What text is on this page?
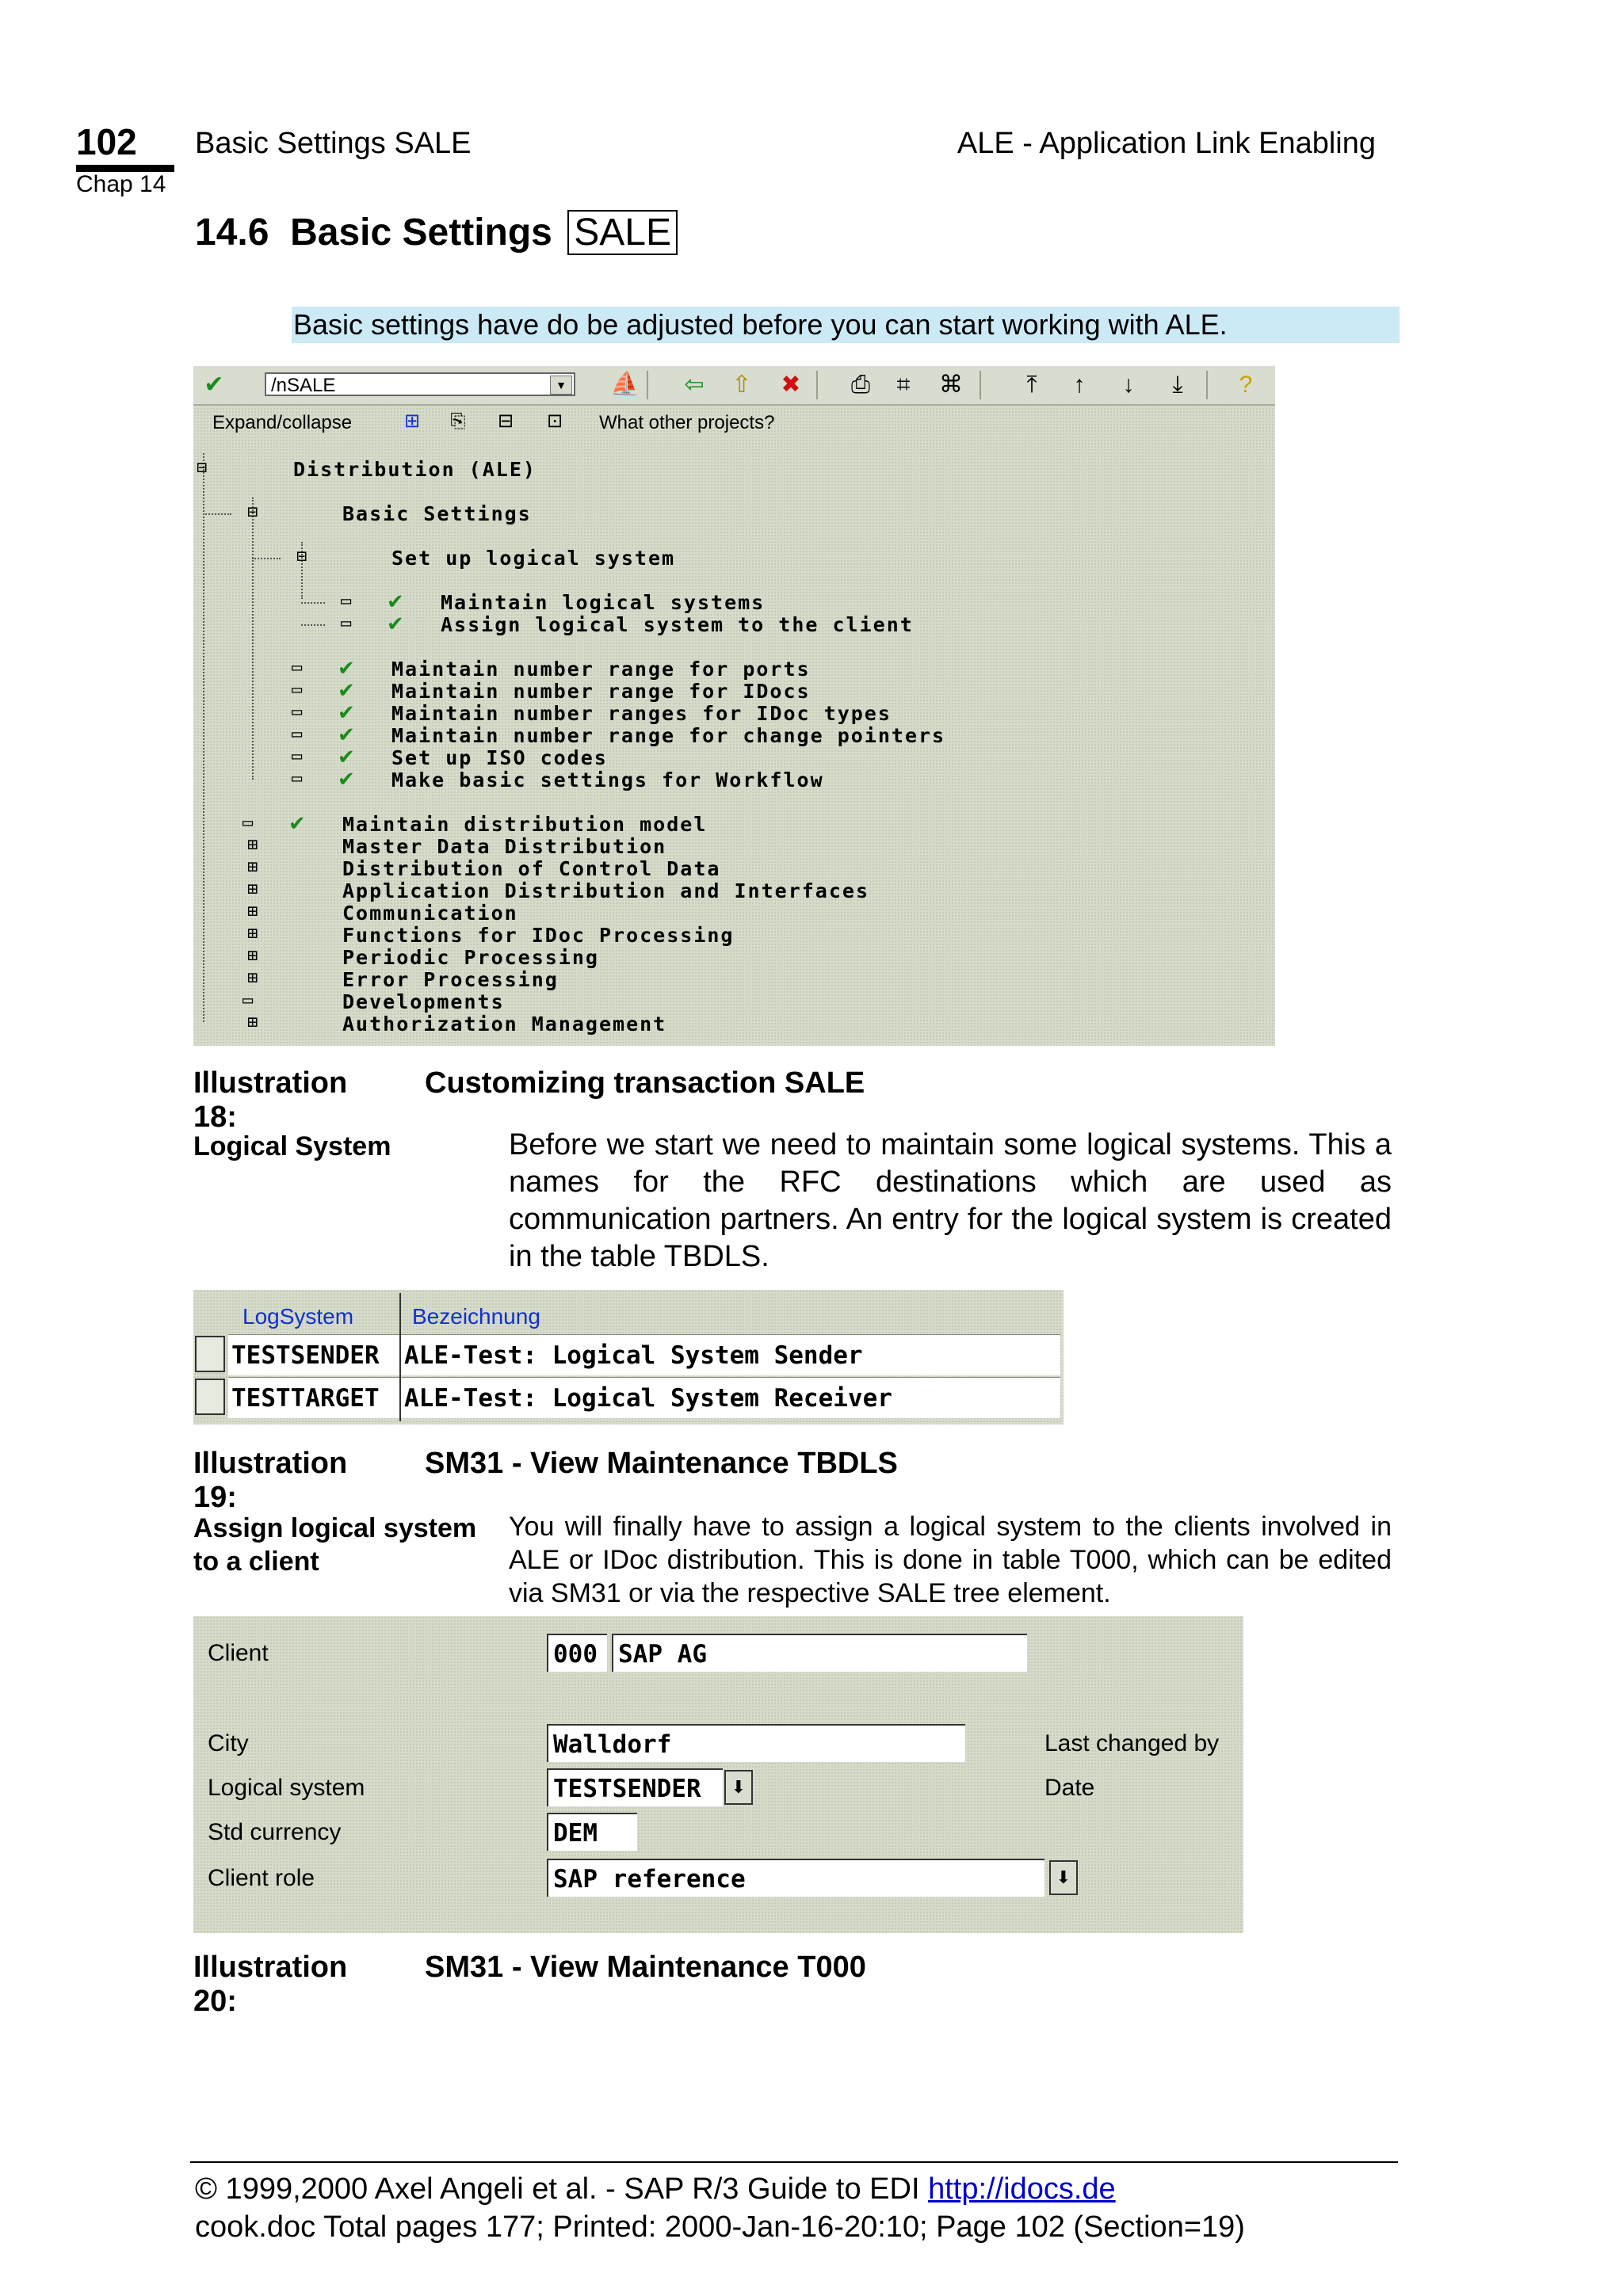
102
Chap 14
Basic Settings SALE	ALE - Application Link Enabling
14.6 Basic Settings SALE
Basic settings have do be adjusted before you can start working with ALE.
✔	/nSALE	▼ ⛵ ⇦ ⇧ ✖ ⎙ ⌗ ⌘	⤒	↑ ↓	⤓	?
Expand/collapse	⊞ ⎘ ⊟ ⊡ What other projects?
⊟	Distribution (ALE)
⊟	Basic Settings
⊟	Set up logical system
▭ ✔ Maintain logical systems
▭ ✔ Assign logical system to the client
▭ ✔ Maintain number range for ports
▭ ✔ Maintain number range for IDocs
▭ ✔ Maintain number ranges for IDoc types
▭ ✔ Maintain number range for change pointers
▭ ✔ Set up ISO codes
▭ ✔ Make basic settings for Workflow
▭ ✔ Maintain distribution model
⊞	Master Data Distribution
⊞	Distribution of Control Data
⊞	Application Distribution and Interfaces
⊞	Communication
⊞	Functions for IDoc Processing
⊞	Periodic Processing
⊞	Error Processing
▭	Developments
⊞	Authorization Management
Illustration 18:
Customizing transaction SALE
Logical System	Before we start we need to maintain some logical systems. This a names for the RFC destinations which are used as communication partners. An entry for the logical system is created in the table TBDLS.
LogSystem	Bezeichnung
TESTSENDER	ALE-Test: Logical System Sender
TESTTARGET	ALE-Test: Logical System Receiver
Illustration 19:
SM31 - View Maintenance TBDLS
Assign logical system
to a client
You will finally have to assign a logical system to the clients involved in ALE or IDoc distribution. This is done in table T000, which can be edited via SM31 or via the respective SALE tree element.
Client	000 SAP AG
City	Walldorf	Last changed by
Logical system	TESTSENDER	⬇	Date
Std currency	DEM
Client role	SAP reference	⬇
Illustration 20:
SM31 - View Maintenance T000
© 1999,2000 Axel Angeli et al. - SAP R/3 Guide to EDI http://idocs.de
cook.doc Total pages 177; Printed: 2000-Jan-16-20:10; Page 102 (Section=19)
